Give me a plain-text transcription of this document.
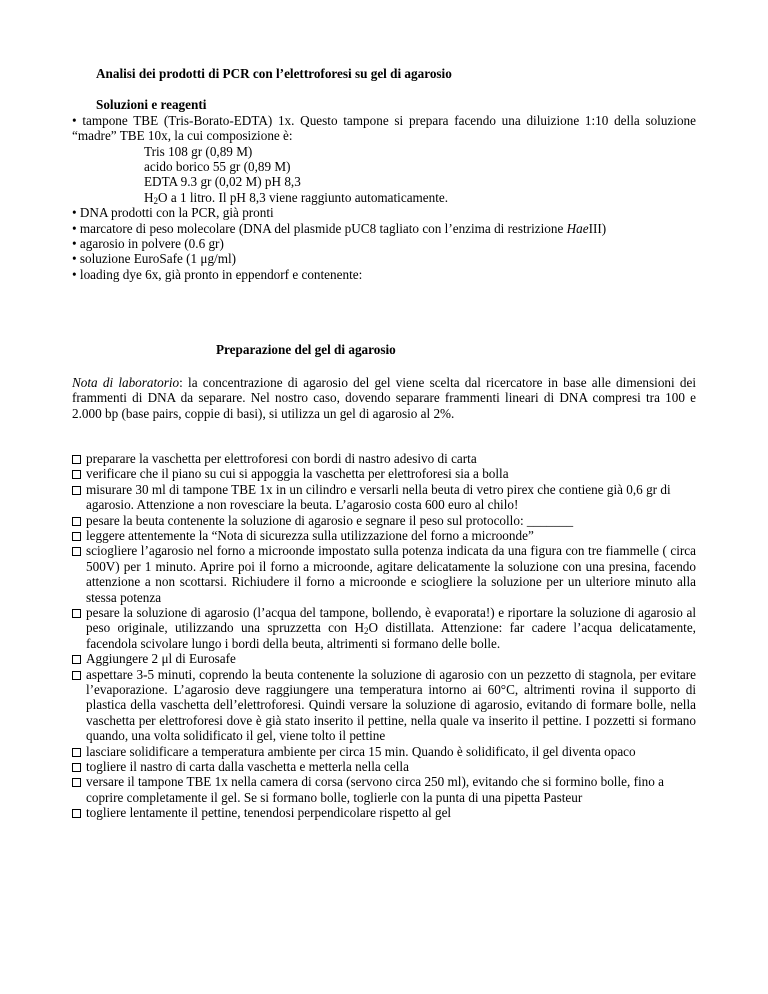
Analisi dei prodotti di PCR con l’elettroforesi su gel di agarosio

Soluzioni e reagenti

• tampone TBE (Tris-Borato-EDTA) 1x. Questo tampone si prepara facendo una diluizione 1:10 della soluzione “madre” TBE 10x, la cui composizione è:

Tris 108 gr (0,89 M)

acido borico 55 gr (0,89 M)

EDTA 9.3 gr (0,02 M) pH 8,3

$H_2O$ a 1 litro. Il pH 8,3 viene raggiunto automaticamente.

• DNA prodotti con la PCR, già pronti

• marcatore di peso molecolare (DNA del plasmide pUC8 tagliato con l’enzima di restrizione HaeIII)

• agarosio in polvere (0.6 gr)

• soluzione EuroSafe (1 μg/ml)

• loading dye 6x, già pronto in eppendorf e contenente:

Preparazione del gel di agarosio

Nota di laboratorio: la concentrazione di agarosio del gel viene scelta dal ricercatore in base alle dimensioni dei frammenti di DNA da separare. Nel nostro caso, dovendo separare frammenti lineari di DNA compresi tra 100 e 2.000 bp (base pairs, coppie di basi), si utilizza un gel di agarosio al 2%.

preparare la vaschetta per elettroforesi con bordi di nastro adesivo di carta
verificare che il piano su cui si appoggia la vaschetta per elettroforesi sia a bolla
misurare 30 ml di tampone TBE 1x in un cilindro e versarli nella beuta di vetro pirex che contiene già 0,6 gr di agarosio. Attenzione a non rovesciare la beuta. L’agarosio costa 600 euro al chilo!
pesare la beuta contenente la soluzione di agarosio e segnare il peso sul protocollo: _______
leggere attentemente la “Nota di sicurezza sulla utilizzazione del forno a microonde”
sciogliere l’agarosio nel forno a microonde impostato sulla potenza indicata da una figura con tre fiammelle ( circa 500V) per 1 minuto. Aprire poi il forno a microonde, agitare delicatamente la soluzione con una presina, facendo attenzione a non scottarsi. Richiudere il forno a microonde e sciogliere la soluzione per un ulteriore minuto alla stessa potenza
pesare la soluzione di agarosio (l’acqua del tampone, bollendo, è evaporata!) e riportare la soluzione di agarosio al peso originale, utilizzando una spruzzetta con $H_2O$ distillata. Attenzione: far cadere l’acqua delicatamente, facendola scivolare lungo i bordi della beuta, altrimenti si formano delle bolle.
Aggiungere 2 μl di Eurosafe
aspettare 3-5 minuti, coprendo la beuta contenente la soluzione di agarosio con un pezzetto di stagnola, per evitare l’evaporazione. L’agarosio deve raggiungere una temperatura intorno ai 60°C, altrimenti rovina il supporto di plastica della vaschetta dell’elettroforesi. Quindi versare la soluzione di agarosio, evitando di formare bolle, nella vaschetta per elettroforesi dove è già stato inserito il pettine, nella quale va inserito il pettine. I pozzetti si formano quando, una volta solidificato il gel, viene tolto il pettine
lasciare solidificare a temperatura ambiente per circa 15 min. Quando è solidificato, il gel diventa opaco
togliere il nastro di carta dalla vaschetta e metterla nella cella
versare il tampone TBE 1x nella camera di corsa (servono circa 250 ml), evitando che si formino bolle, fino a coprire completamente il gel. Se si formano bolle, toglierle con la punta di una pipetta Pasteur
togliere lentamente il pettine, tenendosi perpendicolare rispetto al gel
